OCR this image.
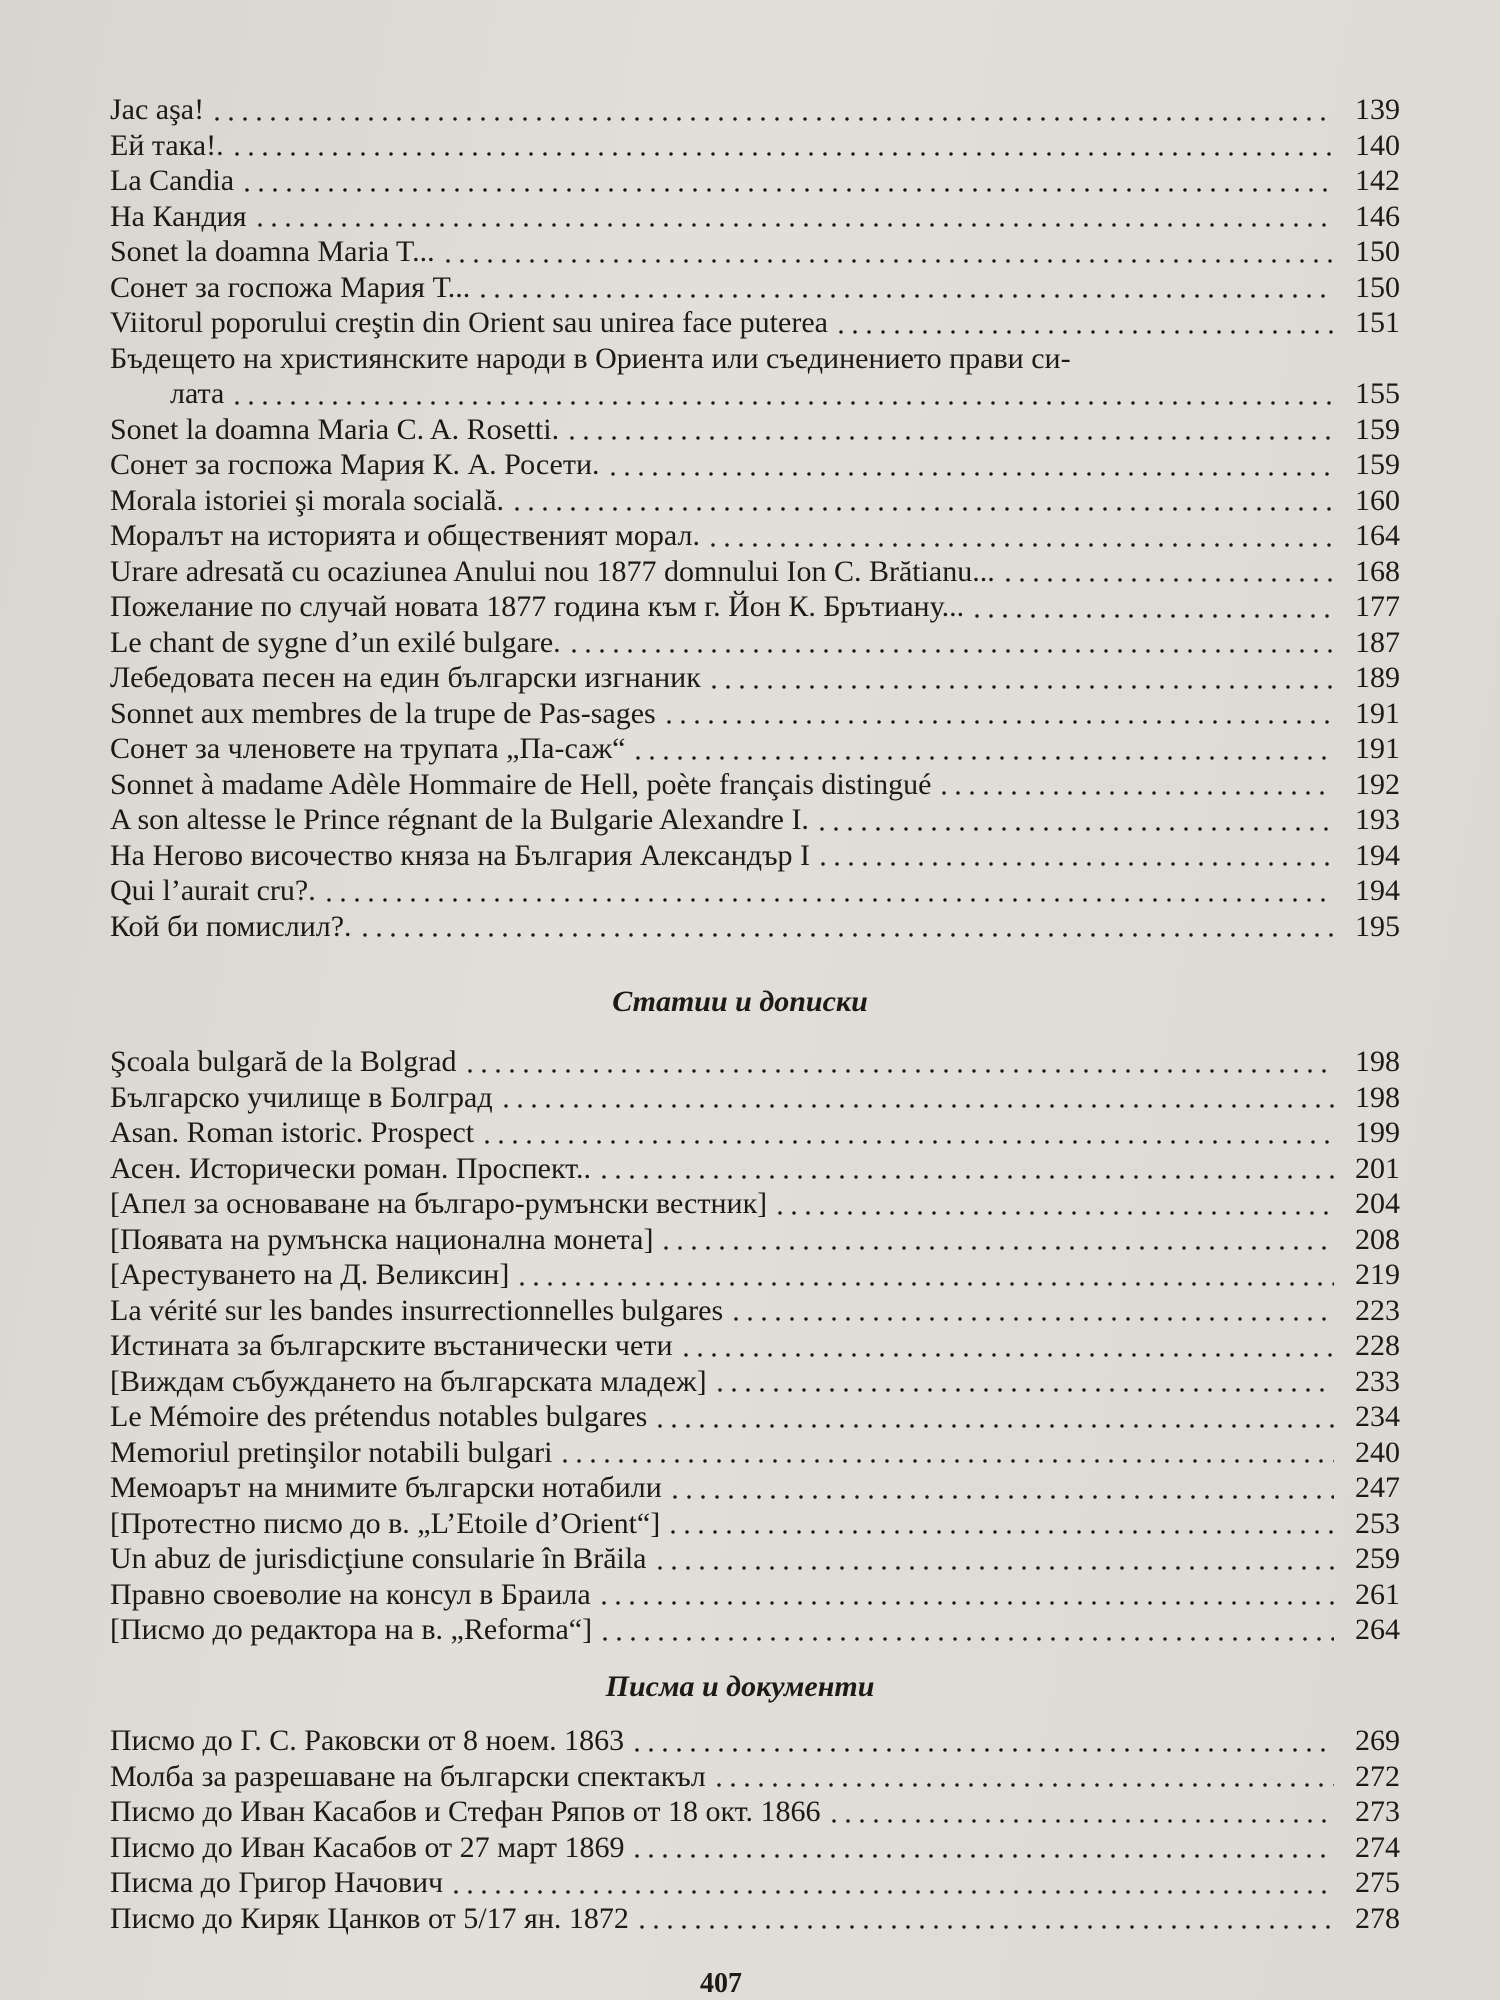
Jac aşa!	139
Ей така!.	140
La Candia	142
На Кандия	146
Sonet la doamna Maria T...	150
Сонет за госпожа Мария Т...	150
Viitorul poporului creştin din Orient sau unirea face puterea	151
Бъдещето на християнските народи в Ориента или съединението прави си-
лата	155
Sonet la doamna Maria C. A. Rosetti.	159
Сонет за госпожа Мария К. А. Росети.	159
Morala istoriei şi morala socială.	160
Моралът на историята и общественият морал.	164
Urare adresată cu ocaziunea Anului nou 1877 domnului Ion C. Brătianu...	168
Пожелание по случай новата 1877 година към г. Йон К. Брътиану...	177
Le chant de sygne d’un exilé bulgare.	187
Лебедовата песен на един български изгнаник	189
Sonnet aux membres de la trupe de Pas-sages	191
Сонет за членовете на трупата „Па-саж“	191
Sonnet à madame Adèle Hommaire de Hell, poète français distingué	192
A son altesse le Prince régnant de la Bulgarie Alexandre I.	193
На Негово височество княза на България Александър I	194
Qui l’aurait cru?.	194
Кой би помислил?.	195
Статии и дописки
Şcoala bulgară de la Bolgrad	198
Българско училище в Болград	198
Asan. Roman istoric. Prospect	199
Асен. Исторически роман. Проспект..	201
[Апел за основаване на българо-румънски вестник]	204
[Появата на румънска национална монета]	208
[Арестуването на Д. Великсин]	219
La vérité sur les bandes insurrectionnelles bulgares	223
Истината за българските въстанически чети	228
[Виждам събуждането на българската младеж]	233
Le Mémoire des prétendus notables bulgares	234
Memoriul pretinşilor notabili bulgari	240
Мемоарът на мнимите български нотабили	247
[Протестно писмо до в. „L’Etoile d’Orient“]	253
Un abuz de jurisdicţiune consularie în Brăila	259
Правно своеволие на консул в Браила	261
[Писмо до редактора на в. „Reforma“]	264
Писма и документи
Писмо до Г. С. Раковски от 8 ноем. 1863	269
Молба за разрешаване на български спектакъл	272
Писмо до Иван Касабов и Стефан Ряпов от 18 окт. 1866	273
Писмо до Иван Касабов от 27 март 1869	274
Писма до Григор Начович	275
Писмо до Киряк Цанков от 5/17 ян. 1872	278
407
